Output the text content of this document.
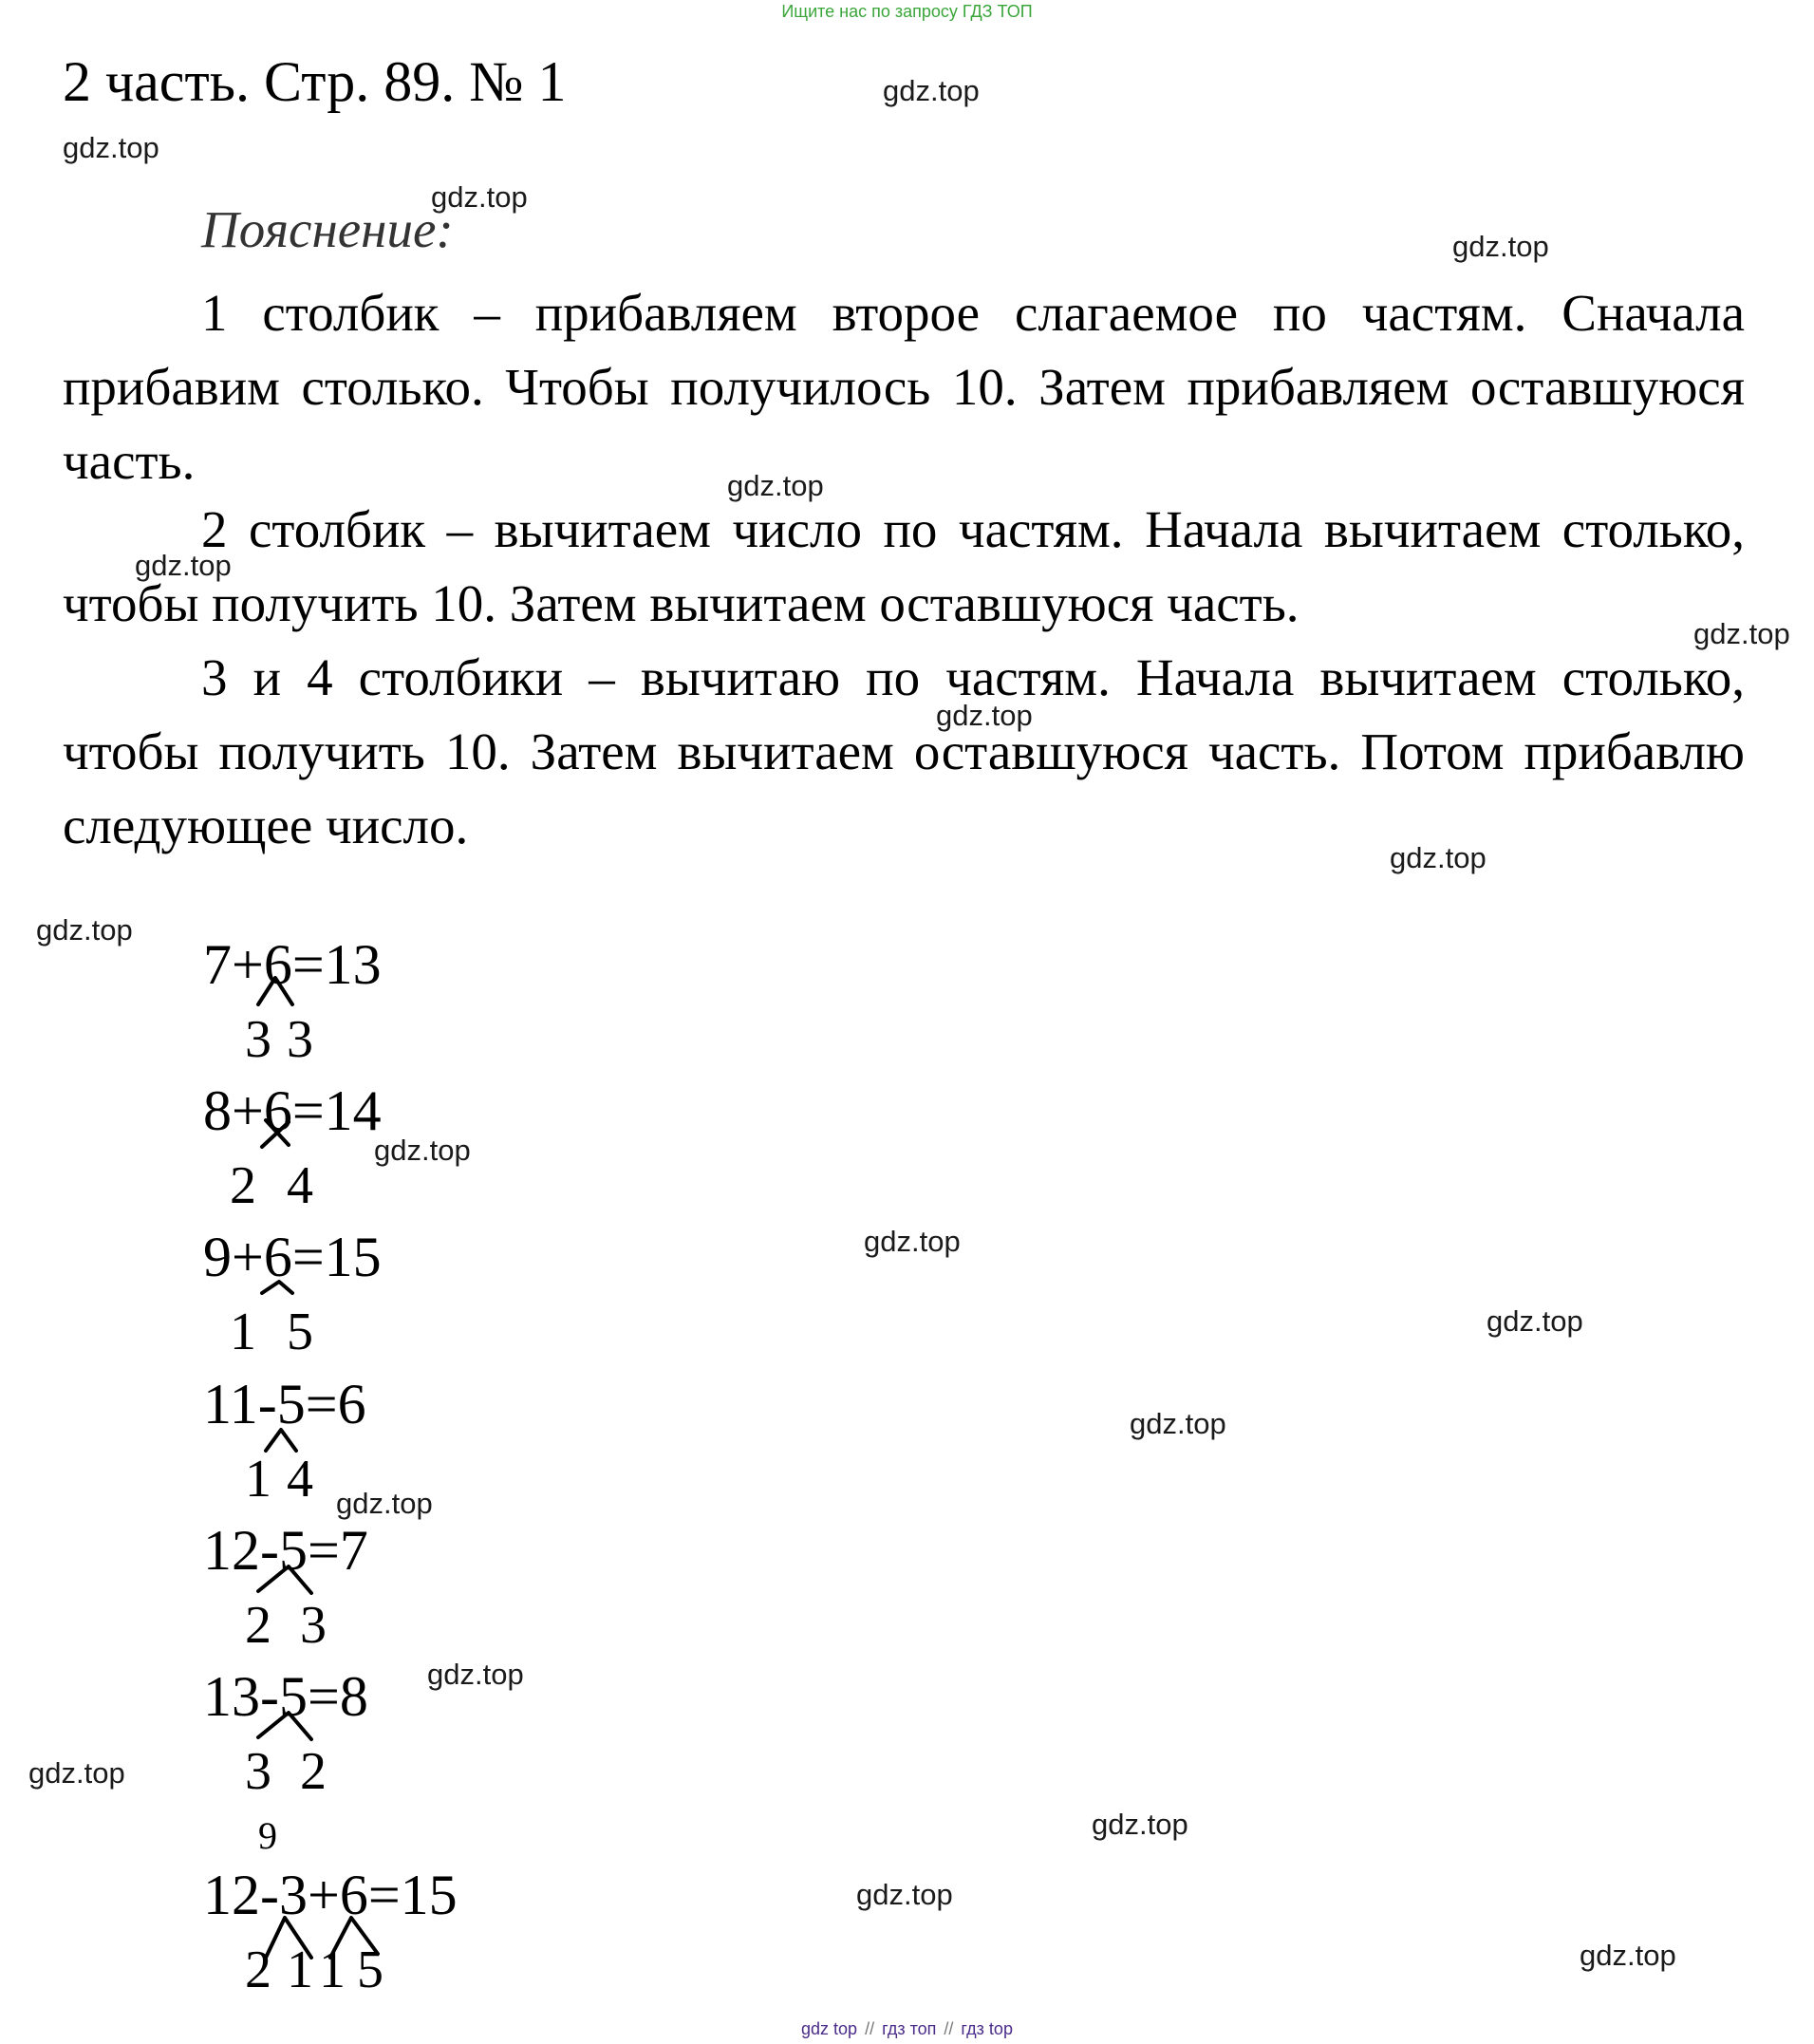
Ищите нас по запросу ГДЗ ТОП
2 часть. Стр. 89. № 1
Пояснение:
1 столбик – прибавляем второе слагаемое по частям. Сначала прибавим столько. Чтобы получилось 10. Затем прибавляем оставшуюся часть.
2 столбик – вычитаем число по частям. Начала вычитаем столько, чтобы получить 10. Затем вычитаем оставшуюся часть.
3 и 4 столбики – вычитаю по частям. Начала вычитаем столько, чтобы получить 10. Затем вычитаем оставшуюся часть. Потом прибавлю следующее число.
7+6=13
3 3
8+6=14
2 4
9+6=15
1 5
11-5=6
1 4
12-5=7
2 3
13-5=8
3 2
9
12-3+6=15
2 1 1 5
gdz.top
gdz.top
gdz.top
gdz.top
gdz.top
gdz.top
gdz.top
gdz.top
gdz.top
gdz.top
gdz.top
gdz.top
gdz.top
gdz.top
gdz.top
gdz.top
gdz.top
gdz.top
gdz.top
gdz.top
gdz top // гдз топ // гдз top
